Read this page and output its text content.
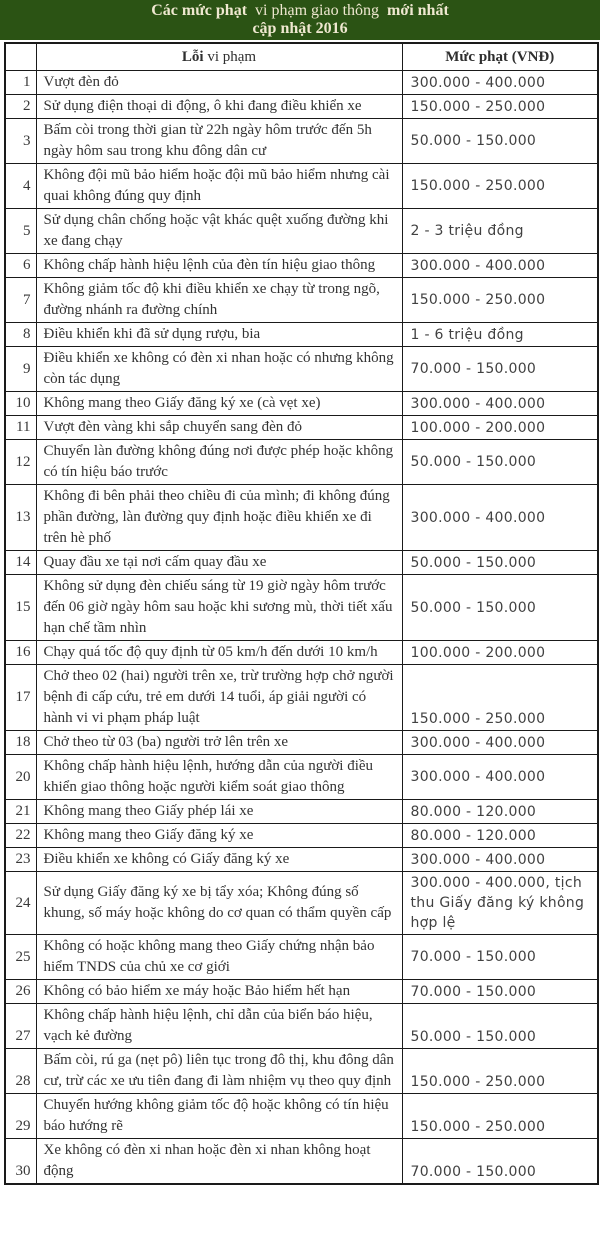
Các mức phạt vi phạm giao thông mới nhất
cập nhật 2016
	Lỗi vi phạm	Mức phạt (VNĐ)
1	Vượt đèn đỏ	300.000 - 400.000
2	Sử dụng điện thoại di động, ô khi đang điều khiển xe	150.000 - 250.000
3	Bấm còi trong thời gian từ 22h ngày hôm trước đến 5h ngày hôm sau trong khu đông dân cư	50.000 - 150.000
4	Không đội mũ bảo hiểm hoặc đội mũ bảo hiểm nhưng cài quai không đúng quy định	150.000 - 250.000
5	Sử dụng chân chống hoặc vật khác quệt xuống đường khi xe đang chạy	2 - 3 triệu đồng
6	Không chấp hành hiệu lệnh của đèn tín hiệu giao thông	300.000 - 400.000
7	Không giảm tốc độ khi điều khiển xe chạy từ trong ngõ, đường nhánh ra đường chính	150.000 - 250.000
8	Điều khiển khi đã sử dụng rượu, bia	1 - 6 triệu đồng
9	Điều khiển xe không có đèn xi nhan hoặc có nhưng không còn tác dụng	70.000 - 150.000
10	Không mang theo Giấy đăng ký xe (cà vẹt xe)	300.000 - 400.000
11	Vượt đèn vàng khi sắp chuyển sang đèn đỏ	100.000 - 200.000
12	Chuyển làn đường không đúng nơi được phép hoặc không có tín hiệu báo trước	50.000 - 150.000
13	Không đi bên phải theo chiều đi của mình; đi không đúng phần đường, làn đường quy định hoặc điều khiển xe đi trên hè phố	300.000 - 400.000
14	Quay đầu xe tại nơi cấm quay đầu xe	50.000 - 150.000
15	Không sử dụng đèn chiếu sáng từ 19 giờ ngày hôm trước đến 06 giờ ngày hôm sau hoặc khi sương mù, thời tiết xấu hạn chế tầm nhìn	50.000 - 150.000
16	Chạy quá tốc độ quy định từ 05 km/h đến dưới 10 km/h	100.000 - 200.000
17	Chở theo 02 (hai) người trên xe, trừ trường hợp chở người bệnh đi cấp cứu, trẻ em dưới 14 tuổi, áp giải người có hành vi vi phạm pháp luật	150.000 - 250.000
18	Chở theo từ 03 (ba) người trở lên trên xe	300.000 - 400.000
20	Không chấp hành hiệu lệnh, hướng dẫn của người điều khiển giao thông hoặc người kiểm soát giao thông	300.000 - 400.000
21	Không mang theo Giấy phép lái xe	80.000 - 120.000
22	Không mang theo Giấy đăng ký xe	80.000 - 120.000
23	Điều khiển xe không có Giấy đăng ký xe	300.000 - 400.000
24	Sử dụng Giấy đăng ký xe bị tẩy xóa; Không đúng số khung, số máy hoặc không do cơ quan có thẩm quyền cấp	300.000 - 400.000, tịch thu Giấy đăng ký không hợp lệ
25	Không có hoặc không mang theo Giấy chứng nhận bảo hiểm TNDS của chủ xe cơ giới	70.000 - 150.000
26	Không có bảo hiểm xe máy hoặc Bảo hiểm hết hạn	70.000 - 150.000
27	Không chấp hành hiệu lệnh, chỉ dẫn của biển báo hiệu, vạch kẻ đường	50.000 - 150.000
28	Bấm còi, rú ga (nẹt pô) liên tục trong đô thị, khu đông dân cư, trừ các xe ưu tiên đang đi làm nhiệm vụ theo quy định	150.000 - 250.000
29	Chuyển hướng không giảm tốc độ hoặc không có tín hiệu báo hướng rẽ	150.000 - 250.000
30	Xe không có đèn xi nhan hoặc đèn xi nhan không hoạt động	70.000 - 150.000
